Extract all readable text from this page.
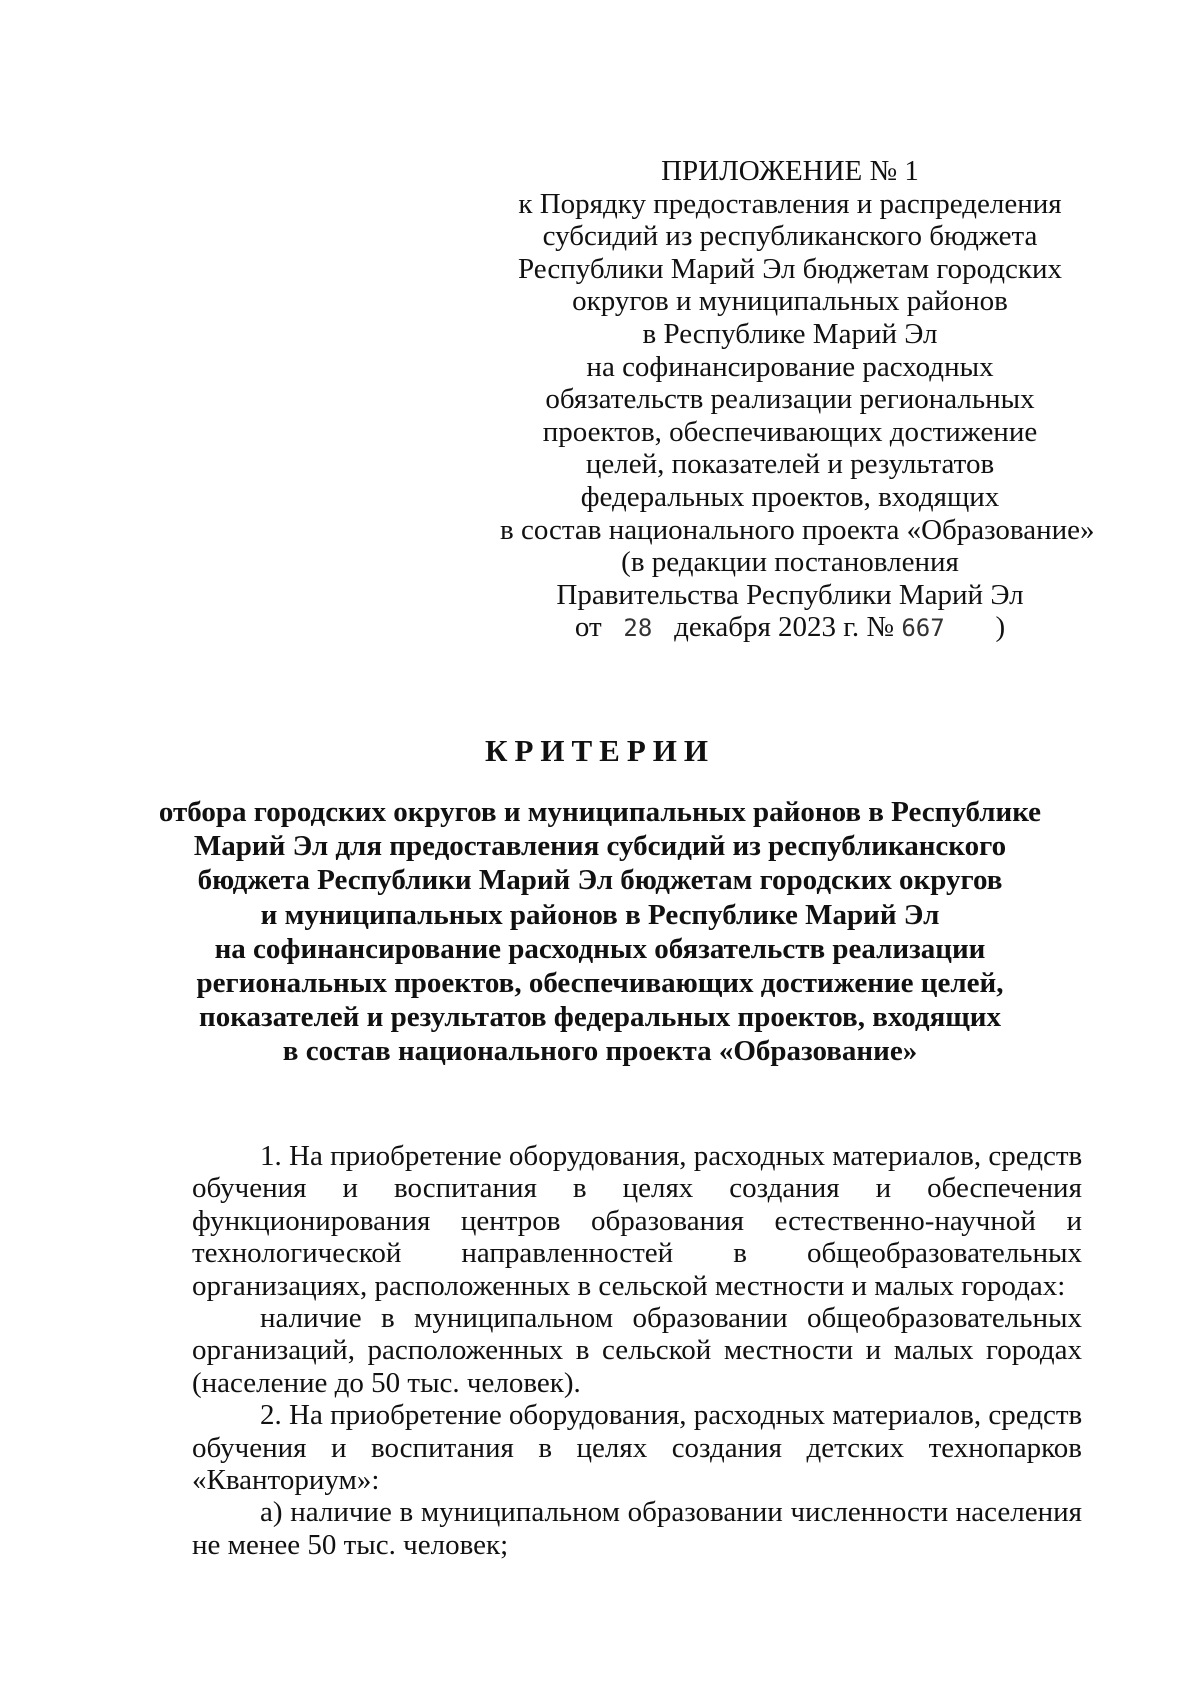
ПРИЛОЖЕНИЕ № 1
к Порядку предоставления и распределения
субсидий из республиканского бюджета
Республики Марий Эл бюджетам городских
округов и муниципальных районов
в Республике Марий Эл
на софинансирование расходных
обязательств реализации региональных
проектов, обеспечивающих достижение
целей, показателей и результатов
федеральных проектов, входящих
в состав национального проекта «Образование»
(в редакции постановления
Правительства Республики Марий Эл
от 28 декабря 2023 г. № 667 )
КРИТЕРИИ
отбора городских округов и муниципальных районов в Республике
Марий Эл для предоставления субсидий из республиканского
бюджета Республики Марий Эл бюджетам городских округов
и муниципальных районов в Республике Марий Эл
на софинансирование расходных обязательств реализации
региональных проектов, обеспечивающих достижение целей,
показателей и результатов федеральных проектов, входящих
в состав национального проекта «Образование»
1. На приобретение оборудования, расходных материалов, средств
обучения и воспитания в целях создания и обеспечения
функционирования центров образования естественно-научной и
технологической направленностей в общеобразовательных
организациях, расположенных в сельской местности и малых городах:
наличие в муниципальном образовании общеобразовательных
организаций, расположенных в сельской местности и малых городах
(население до 50 тыс. человек).
2. На приобретение оборудования, расходных материалов, средств
обучения и воспитания в целях создания детских технопарков
«Кванториум»:
а) наличие в муниципальном образовании численности населения
не менее 50 тыс. человек;
